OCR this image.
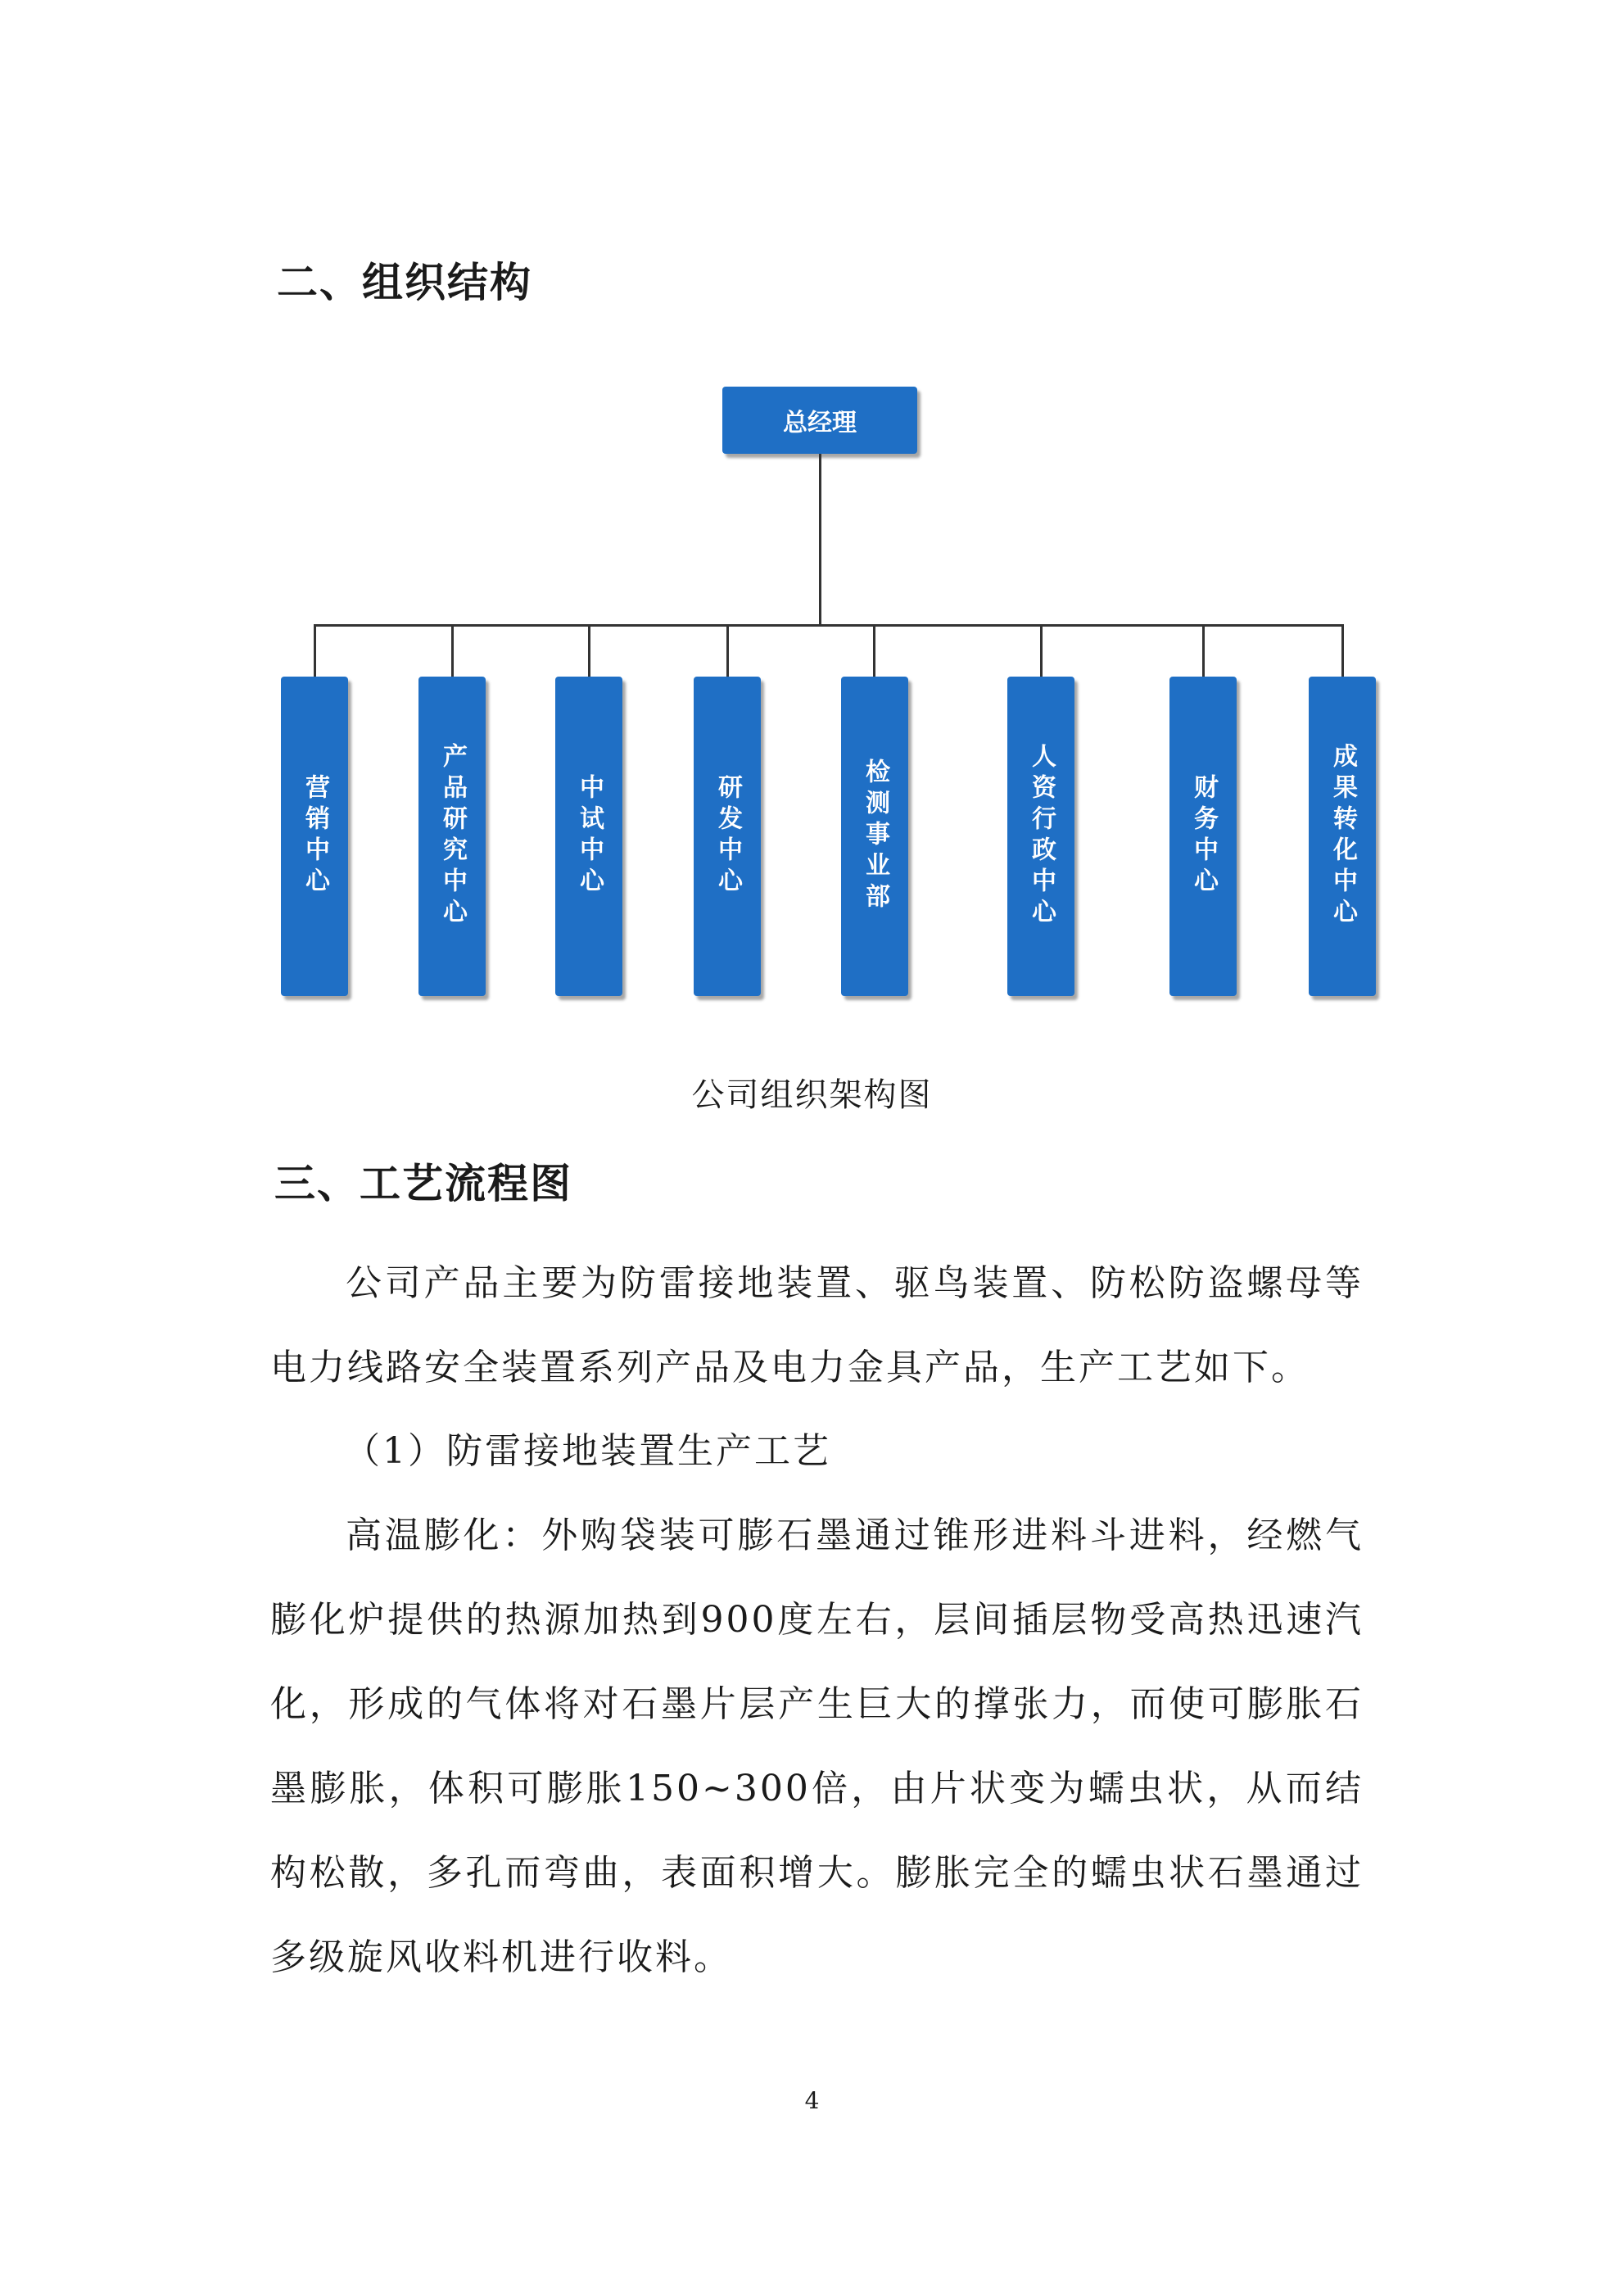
二、组织结构
总经理
营销中心	产品研究中心	中试中心	研发中心	检测事业部	人资行政中心	财务中心	成果转化中心
公司组织架构图
三、工艺流程图

公司产品主要为防雷接地装置、驱鸟装置、防松防盗螺母等电力线路安全装置系列产品及电力金具产品，生产工艺如下。

（1）防雷接地装置生产工艺

高温膨化：外购袋装可膨石墨通过锥形进料斗进料，经燃气膨化炉提供的热源加热到900度左右，层间插层物受高热迅速汽化，形成的气体将对石墨片层产生巨大的撑张力，而使可膨胀石墨膨胀，体积可膨胀150~300倍，由片状变为蠕虫状，从而结构松散，多孔而弯曲，表面积增大。膨胀完全的蠕虫状石墨通过多级旋风收料机进行收料。

4
